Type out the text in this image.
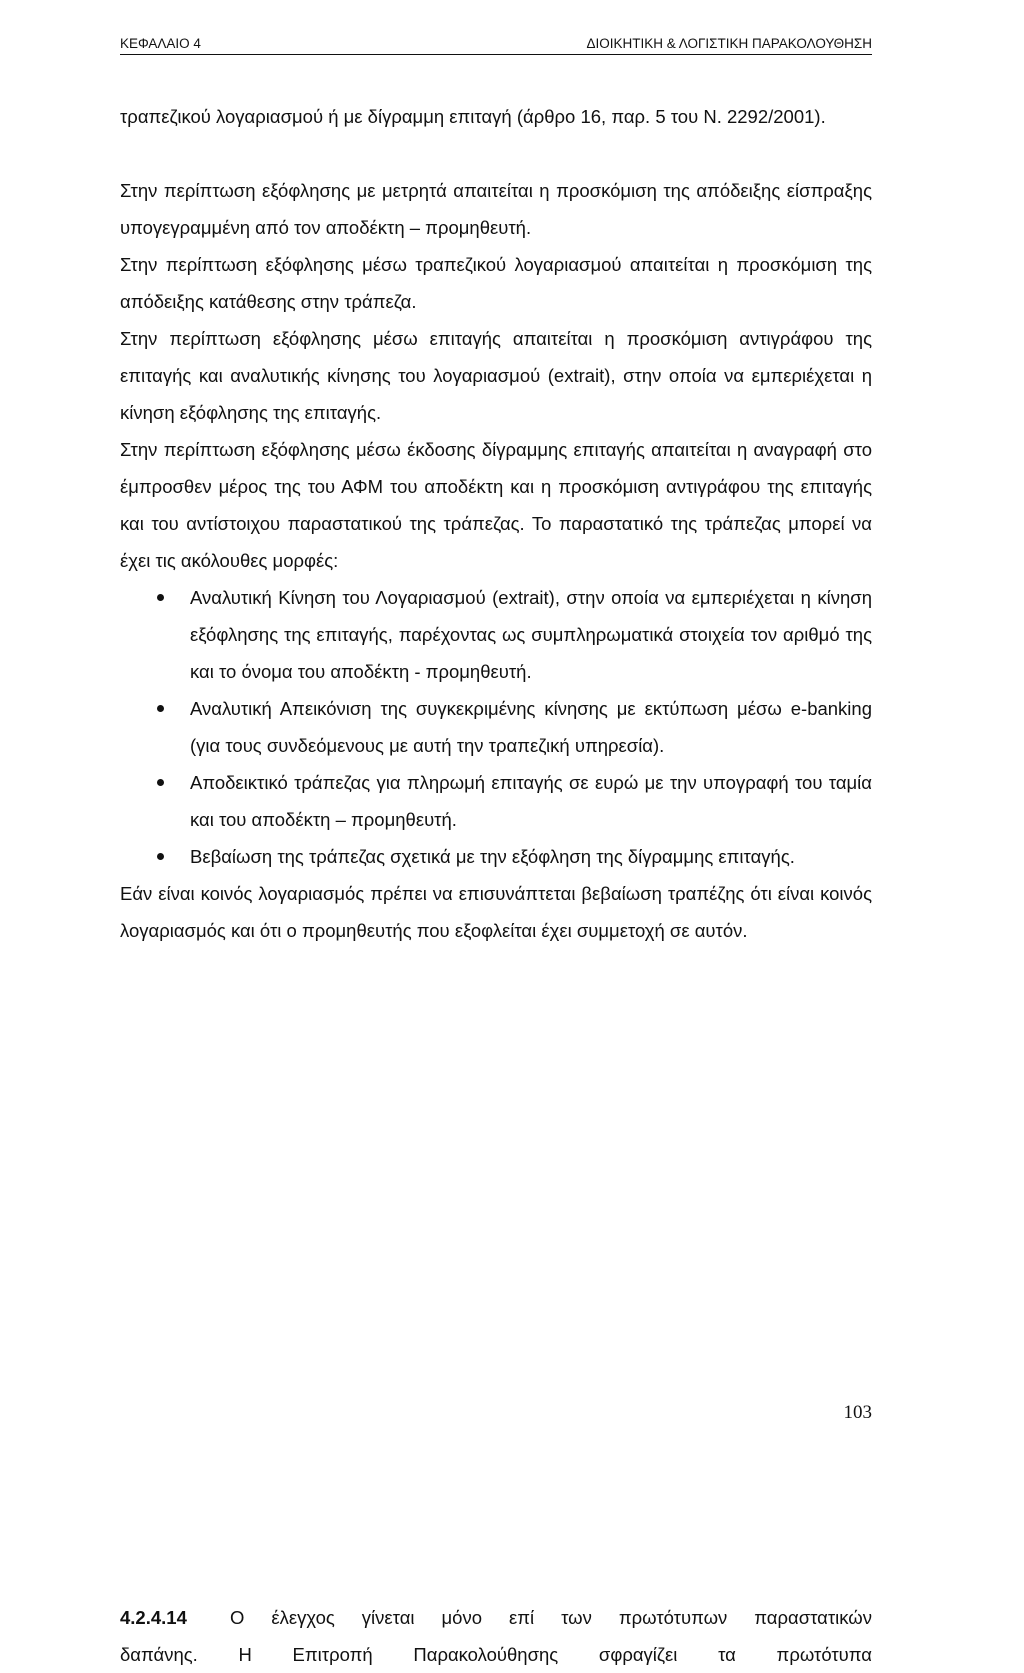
ΚΕΦΑΛΑΙΟ 4	ΔΙΟΙΚΗΤΙΚΗ & ΛΟΓΙΣΤΙΚΗ ΠΑΡΑΚΟΛΟΥΘΗΣΗ

τραπεζικού λογαριασμού ή με δίγραμμη επιταγή (άρθρο 16, παρ. 5 του Ν. 2292/2001).

Στην περίπτωση εξόφλησης με μετρητά απαιτείται η προσκόμιση της απόδειξης είσπραξης υπογεγραμμένη από τον αποδέκτη – προμηθευτή.

Στην περίπτωση εξόφλησης μέσω τραπεζικού λογαριασμού απαιτείται η προσκόμιση της απόδειξης κατάθεσης στην τράπεζα.

Στην περίπτωση εξόφλησης μέσω επιταγής απαιτείται η προσκόμιση αντιγράφου της επιταγής και αναλυτικής κίνησης του λογαριασμού (extrait), στην οποία να εμπεριέχεται η κίνηση εξόφλησης της επιταγής.

Στην περίπτωση εξόφλησης μέσω έκδοσης δίγραμμης επιταγής απαιτείται η αναγραφή στο έμπροσθεν μέρος της του ΑΦΜ του αποδέκτη και η προσκόμιση αντιγράφου της επιταγής και του αντίστοιχου παραστατικού της τράπεζας. Το παραστατικό της τράπεζας μπορεί να έχει τις ακόλουθες μορφές:

Αναλυτική Κίνηση του Λογαριασμού (extrait), στην οποία να εμπεριέχεται η κίνηση εξόφλησης της επιταγής, παρέχοντας ως συμπληρωματικά στοιχεία τον αριθμό της και το όνομα του αποδέκτη - προμηθευτή.
Αναλυτική Απεικόνιση της συγκεκριμένης κίνησης με εκτύπωση μέσω e-banking (για τους συνδεόμενους με αυτή την τραπεζική υπηρεσία).
Αποδεικτικό τράπεζας για πληρωμή επιταγής σε ευρώ με την υπογραφή του ταμία και του αποδέκτη – προμηθευτή.
Βεβαίωση της τράπεζας σχετικά με την εξόφληση της δίγραμμης επιταγής.

Εάν είναι κοινός λογαριασμός πρέπει να επισυνάπτεται βεβαίωση τραπέζης ότι είναι κοινός λογαριασμός και ότι ο προμηθευτής που εξοφλείται έχει συμμετοχή σε αυτόν.

4.2.4.14 Ο έλεγχος γίνεται μόνο επί των πρωτότυπων παραστατικών
δαπάνης. Η Επιτροπή Παρακολούθησης σφραγίζει τα πρωτότυπα
103
